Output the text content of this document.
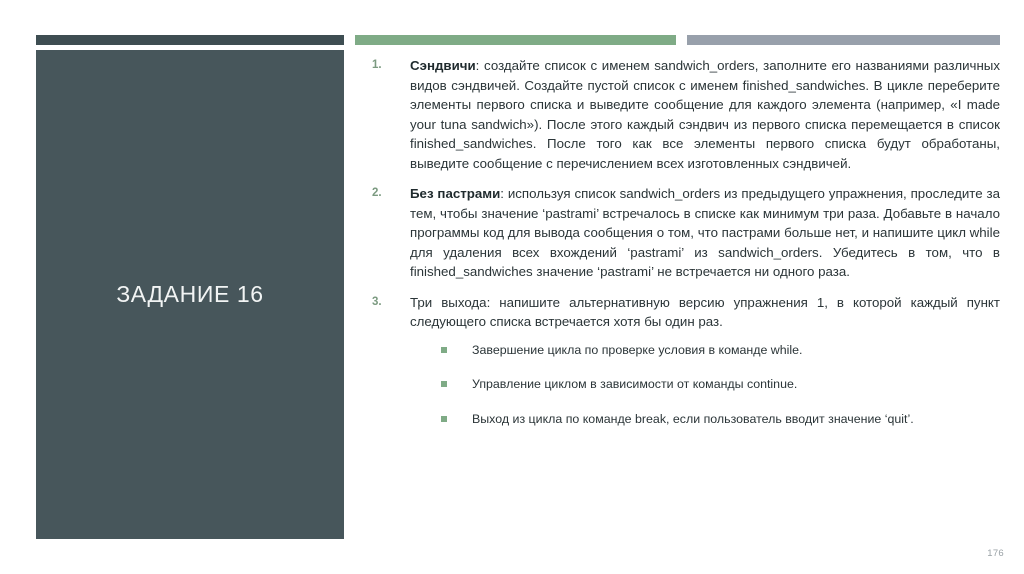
ЗАДАНИЕ 16
1.	Сэндвичи: создайте список с именем sandwich_orders, заполните его названиями различных видов сэндвичей. Создайте пустой список с именем finished_sandwiches. В цикле переберите элементы первого списка и выведите сообщение для каждого элемента (например, «I made your tuna sandwich»). После этого каждый сэндвич из первого списка перемещается в список finished_sandwiches. После того как все элементы первого списка будут обработаны, выведите сообщение с перечислением всех изготовленных сэндвичей.
2.	Без пастрами: используя список sandwich_orders из предыдущего упражнения, проследите за тем, чтобы значение ‘pastrami’ встречалось в списке как минимум три раза. Добавьте в начало программы код для вывода сообщения о том, что пастрами больше нет, и напишите цикл while для удаления всех вхождений ‘pastrami’ из sandwich_orders. Убедитесь в том, что в finished_sandwiches значение ‘pastrami’ не встречается ни одного раза.
3.	Три выхода: напишите альтернативную версию упражнения 1, в которой каждый пункт следующего списка встречается хотя бы один раз.
Завершение цикла по проверке условия в команде while.
Управление циклом в зависимости от команды continue.
Выход из цикла по команде break, если пользователь вводит значение ‘quit’.
176
